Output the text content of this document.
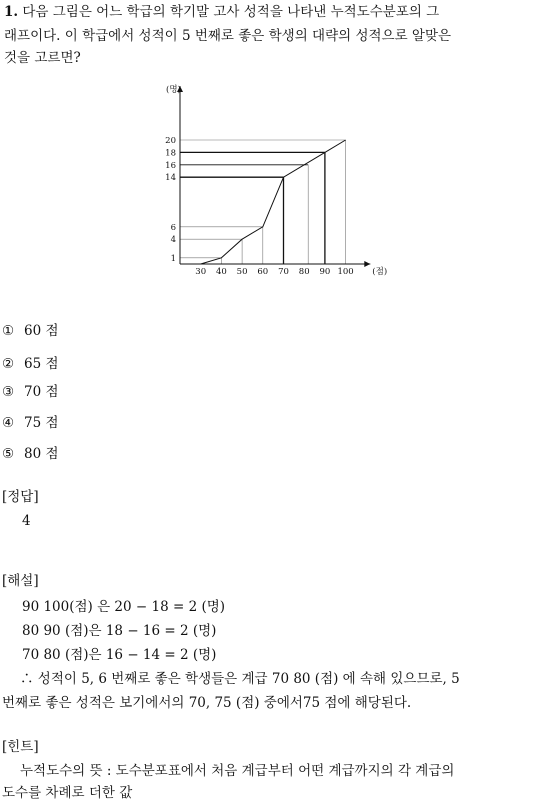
1. 다음 그림은 어느 학급의 학기말 고사 성적을 나타낸 누적도수분포의 그
래프이다. 이 학급에서 성적이 5 번째로 좋은 학생의 대략의 성적으로 알맞은
것을 고르면?
(명)
(점)
30 40 50 60 70 80 90 100
1
4
6
14
16
18
20
① 60 점
② 65 점
③ 70 점
④ 75 점
⑤ 80 점
[정답]
4
[해설]
90 100(점) 은 20 − 18 = 2 (명)
80 90 (점)은 18 − 16 = 2 (명)
70 80 (점)은 16 − 14 = 2 (명)
∴ 성적이 5, 6 번째로 좋은 학생들은 계급 70 80 (점) 에 속해 있으므로, 5
번째로 좋은 성적은 보기에서의 70, 75 (점) 중에서75 점에 해당된다.
[힌트]
누적도수의 뜻 : 도수분포표에서 처음 계급부터 어떤 계급까지의 각 계급의
도수를 차례로 더한 값
